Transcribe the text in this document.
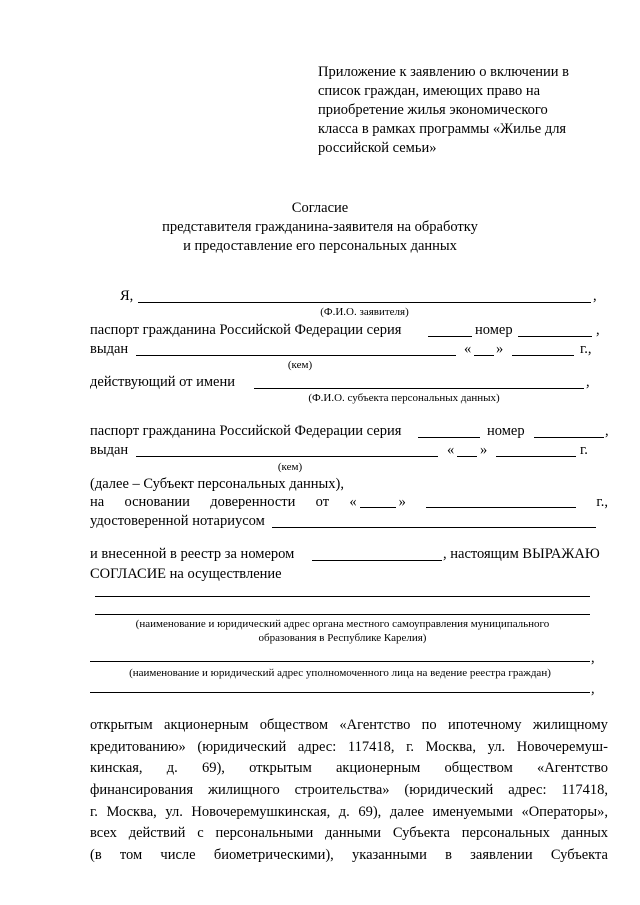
Приложение к заявлению о включении в
список граждан, имеющих право на
приобретение жилья экономического
класса в рамках программы «Жилье для
российской семьи»
Согласие
представителя гражданина-заявителя на обработку
и предоставление его персональных данных
Я,	,
(Ф.И.О. заявителя)
паспорт гражданина Российской Федерации серия	номер	,
выдан	« »	г.,
(кем)
действующий от имени	,
(Ф.И.О. субъекта персональных данных)
паспорт гражданина Российской Федерации серия	номер	,
выдан	« »	г.
(кем)
(далее – Субъект персональных данных),
на основании доверенности от «	»	г.,
удостоверенной нотариусом
и внесенной в реестр за номером	, настоящим ВЫРАЖАЮ
СОГЛАСИЕ на осуществление
(наименование и юридический адрес органа местного самоуправления муниципального
образования в Республике Карелия)
,
(наименование и юридический адрес уполномоченного лица на ведение реестра граждан)
,
открытым акционерным обществом «Агентство по ипотечному жилищному
кредитованию» (юридический адрес: 117418, г. Москва, ул. Новочеремуш-
кинская, д. 69), открытым акционерным обществом «Агентство
финансирования жилищного строительства» (юридический адрес: 117418,
г. Москва, ул. Новочеремушкинская, д. 69), далее именуемыми «Операторы»,
всех действий с персональными данными Субъекта персональных данных
(в том числе биометрическими), указанными в заявлении Субъекта
